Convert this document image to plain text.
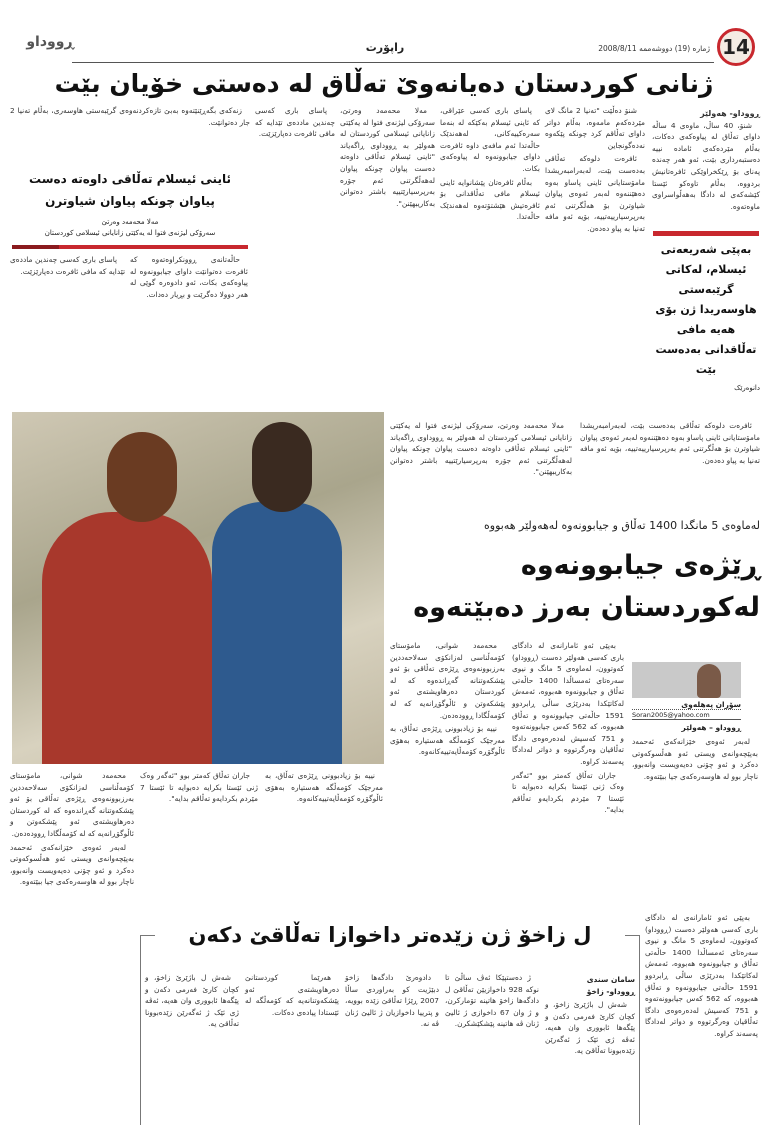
14
ژمارە (19) دووشەممە 2008/8/11
راپۆرت
ڕووداو
ژنانی کوردستان دەیانەوێ تەڵاق لە دەستی خۆیان بێت
ڕووداو- هەولێر

شنۆ، 40 ساڵ، ماوەی 4 ساڵە داوای تەڵاق لە پیاوەکەی دەکات، بەڵام مێردەکەی ئامادە نییە دەستبەرداری بێت، ئەو هەر چەندە پەنای بۆ ڕێکخراوێکی ئافرەتانیش بردووە، بەڵام تاوەکو ئێستا کێشەکەی لە دادگا بەهەڵواسراوی ماوەتەوە.

بەپێی شەریعەتی ئیسلام، لەکاتی گرێبەستی هاوسەریدا ژن بۆی هەیە مافی تەڵاقدانی بەدەست بێت
دانوەرێک

شنۆ دەڵێت "تەنیا 2 مانگ لای مێردەکەم مامەوە، بەڵام دواتر داوای تەڵاقم کرد چونکە پێکەوە نەدەگونجاین

ئافرەت دلوەکە تەڵاقی بەدەست بێت، لەبەرامبەریشدا مامۆستایانی ئاینی پاساو بەوە دەهێننەوە لەبەر ئەوەی پیاوان شیاوترن بۆ هەڵگرتنی ئەم بەرپرسیارییەتییە، بۆیە ئەو مافە تەنیا بە پیاو دەدەن.

پاسای باری کەسی عێراقی، کە ئاینی ئیسلام بەکێکە لە بنەما سەرەکییەکانی، لەهەندێک حاڵەتدا ئەم مافەی داوە ئافرەت داوای جیابوونەوە لە پیاوەکەی بکات.

بەڵام ئافرەتان پێشانوایە ئاینی ئیسلام مافی تەڵاقدانی بۆ ئافرەتیش هێشتۆتەوە لەهەندێک حاڵەتدا.

مەلا محەمەد وەرتێ، سەرۆکی لیژنەی فتوا لە یەکێتی زانایانی ئیسلامی کوردستان لە هەولێر بە ڕووداوی ڕاگەیاند "ئاینی ئیسلام تەڵاقی داوەتە دەست پیاوان چونکە پیاوان لەهەڵگرتنی ئەم جۆرە بەرپرسیارێتییە باشتر دەتوانن بەکاریبهێنن".

پاسای باری کەسی چەندین ماددەی تێدایە کە مافی ئافرەت دەپارێزێت.

زنەکەی بگەڕێنێتەوە بەبێ تازەکردنەوەی گرێبەستی هاوسەری، بەڵام تەنیا 2 جار دەتوانێت.

ئاینی ئیسلام تەڵاقی داوەتە دەست پیاوان چونکە پیاوان شیاوترن
مەلا محەمەد وەرتێ
سەرۆکی لیژنەی فتوا لە یەکێتی زانایانی ئیسلامی کوردستان

حاڵەتانەی ڕوونکراوەتەوە کە ئافرەت دەتوانێت داوای جیابوونەوە لە پیاوەکەی بکات، ئەو دادوەرە گوێی لە هەر دوولا دەگرێت و بڕیار دەدات.

پاسای باری کەسی چەندین ماددەی تێدایە کە مافی ئافرەت دەپارێزێت.

ئافرەت دلوەکە تەڵاقی بەدەست بێت، لەبەرامبەریشدا مامۆستایانی ئاینی پاساو بەوە دەهێننەوە لەبەر ئەوەی پیاوان شیاوترن بۆ هەڵگرتنی ئەم بەرپرسیارییەتییە، بۆیە ئەو مافە تەنیا بە پیاو دەدەن.

مەلا محەمەد وەرتێ، سەرۆکی لیژنەی فتوا لە یەکێتی زانایانی ئیسلامی کوردستان لە هەولێر بە ڕووداوی ڕاگەیاند "ئاینی ئیسلام تەڵاقی داوەتە دەست پیاوان چونکە پیاوان لەهەڵگرتنی ئەم جۆرە بەرپرسیارێتییە باشتر دەتوانن بەکاریبهێنن".

لەماوەی 5 مانگدا 1400 تەڵاق و جیابوونەوە لەهەولێر هەبووە
ڕێژەی جیابوونەوە
لەکوردستان بەرز دەبێتەوە
سۆران پەهلەوی
Soran2005@yahoo.com
ڕووداو – هەولێر

لەبەر ئەوەی خێزانەکەی ئەحمەد بەپێچەوانەی ویستی ئەو هەڵسوکەوتی دەکرد و ئەو چۆنی دەیەویست وانەبوو، ناچار بوو لە هاوسەرەکەی جیا ببێتەوە.

بەپێی ئەو ئامارانەی لە دادگای باری کەسی هەولێر دەست (ڕووداو) کەوتوون، لەماوەی 5 مانگ و نیوی سەرەتای ئەمساڵدا 1400 حاڵەتی تەڵاق و جیابوونەوە هەبووە، ئەمەش لەکاتێکدا بەدرێژی ساڵی ڕابردوو 1591 حاڵەتی جیابوونەوە و تەڵاق هەبووە، کە 562 کەس جیابوونەتەوە و 751 کەسیش لەدەرەوەی دادگا تەڵاقیان وەرگرتووە و دواتر لەدادگا پەسەند کراوە.

جاران تەڵاق کەمتر بوو "ئەگەر وەک ژنی ئێستا بکرایە دەبوایە تا ئێستا 7 مێردم بکردایەو تەڵاقم بدایە".

محەمەد شوانی، مامۆستای کۆمەڵناسی لەزانکۆی سەلاحەددین بەرزبوونەوەی ڕێژەی تەڵاقی بۆ ئەو پێشکەوتنانە گەڕاندەوە کە لە کوردستان دەرهاویشتەی ئەو پێشکەوتن و ئاڵوگۆڕانەیە کە لە کۆمەڵگادا ڕوودەدەن.

نییە بۆ زیادبوونی ڕێژەی تەڵاق، بە مەرجێک کۆمەڵگە هەستیارە بەهۆی ئاڵوگۆڕە کۆمەڵایەتییەکانەوە.

نییە بۆ زیادبوونی ڕێژەی تەڵاق، بە مەرجێک کۆمەڵگە هەستیارە بەهۆی ئاڵوگۆڕە کۆمەڵایەتییەکانەوە.

جاران تەڵاق کەمتر بوو "ئەگەر وەک ژنی ئێستا بکرایە دەبوایە تا ئێستا 7 مێردم بکردایەو تەڵاقم بدایە".

محەمەد شوانی، مامۆستای کۆمەڵناسی لەزانکۆی سەلاحەددین بەرزبوونەوەی ڕێژەی تەڵاقی بۆ ئەو پێشکەوتنانە گەڕاندەوە کە لە کوردستان دەرهاویشتەی ئەو پێشکەوتن و ئاڵوگۆڕانەیە کە لە کۆمەڵگادا ڕوودەدەن.

لەبەر ئەوەی خێزانەکەی ئەحمەد بەپێچەوانەی ویستی ئەو هەڵسوکەوتی دەکرد و ئەو چۆنی دەیەویست وانەبوو، ناچار بوو لە هاوسەرەکەی جیا ببێتەوە.

بەپێی ئەو ئامارانەی لە دادگای باری کەسی هەولێر دەست (ڕووداو) کەوتوون، لەماوەی 5 مانگ و نیوی سەرەتای ئەمساڵدا 1400 حاڵەتی تەڵاق و جیابوونەوە هەبووە، ئەمەش لەکاتێکدا بەدرێژی ساڵی ڕابردوو 1591 حاڵەتی جیابوونەوە و تەڵاق هەبووە، کە 562 کەس جیابوونەتەوە و 751 کەسیش لەدەرەوەی دادگا تەڵاقیان وەرگرتووە و دواتر لەدادگا پەسەند کراوە.

ل زاخۆ ژن زێدەتر داخوازا تەڵاقێ دکەن
سامان سندی
ڕووداو- زاخۆ

شەش ل باژێرێ زاخۆ، و کچان کارێ فەرمی دکەن و پێگەها ئابووری وان هەیە، ئەڤە ژی ئێک ژ ئەگەرێن زێدەبوونا تەڵاقێ یە.

ژ دەستپێکا ئەڤ ساڵێ تا نوکە 928 داخوازیێن تەڵاقێ ل دادگەها زاخۆ هاتینە تۆمارکرن، و ژ وان 67 داخوازی ژ ئالیێ ژنان ڤە هاتینە پێشکێشکرن.

دادوەرێ دادگەها زاخۆ دبێژیت کو بەراوردی ساڵا 2007 ڕێژا تەڵاقێ زێدە بوویە، و پترییا داخوازیان ژ ئالیێ ژنان ڤە نە.

هەرێما کوردستانێ دەرهاویشتەی ئەو پێشکەوتنانەیە کە کۆمەڵگە لە ئێستادا پیادەی دەکات.

شەش ل باژێرێ زاخۆ، و کچان کارێ فەرمی دکەن و پێگەها ئابووری وان هەیە، ئەڤە ژی ئێک ژ ئەگەرێن زێدەبوونا تەڵاقێ یە.
